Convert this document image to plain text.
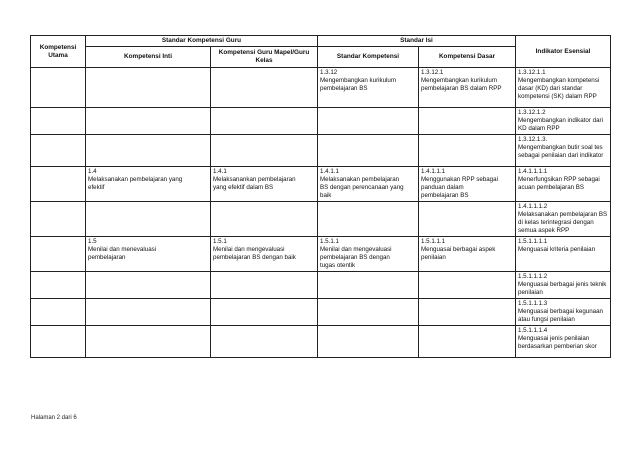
Kompetensi Utama	Standar Kompetensi Guru		Standar Isi		Indikator Esensial
	Kompetensi Inti	Kompetensi Guru Mapel/Guru Kelas	Standar Kompetensi	Kompetensi Dasar	

			1.3.12
Mengembangkan kurikulum
pembelajaran BS	1.3.12.1
Mengembangkan kurikulum
pembelajaran BS dalam RPP	1.3.12.1.1
Mengembangkan kompetensi
dasar (KD) dari standar
kompetensi (SK) dalam RPP

					1.3.12.1.2
Mengembangkan indikator dari
KD dalam RPP

					1.3.12.1.3.
Mengembangkan butir soal tes
sebagai penilaian dari indikator

	1.4
Melaksanakan pembelajaran yang
efektif	1.4.1
Melaksanankan pembelajaran
yang efektif dalam BS	1.4.1.1
Melaksanakan pembelajaran
BS dengan perencanaan yang
baik	1.4.1.1.1
Menggunakan RPP sebagai
panduan dalam
pembelajaran BS	1.4.1.1.1.1
Menerfungsikan RPP sebagai
acuan pembelajaran BS

					1.4.1.1.1.2
Melaksanakan pembelajaran BS
di kelas terintegrasi dengan
semua aspek RPP

	1.5
Menilai dan menevaluasi
pembelajaran	1.5.1
Menilai dan mengevaluasi
pembelajaran BS dengan baik	1.5.1.1
Menilai dan mengevaluasi
pembelajaran BS dengan
tugas otentik	1.5.1.1.1
Menguasai berbagai aspek
penilaian	1.5.1.1.1.1
Menguasai kriteria penilaian

					1.5.1.1.1.2
Menguasai berbagai jenis teknik
penilaian

					1.5.1.1.1.3
Menguasai berbagai kegunaan
atau fungsi penilaian

					1.5.1.1.1.4
Menguasai jenis penilaian
berdasarkan pemberian skor
Halaman 2 dari 6
